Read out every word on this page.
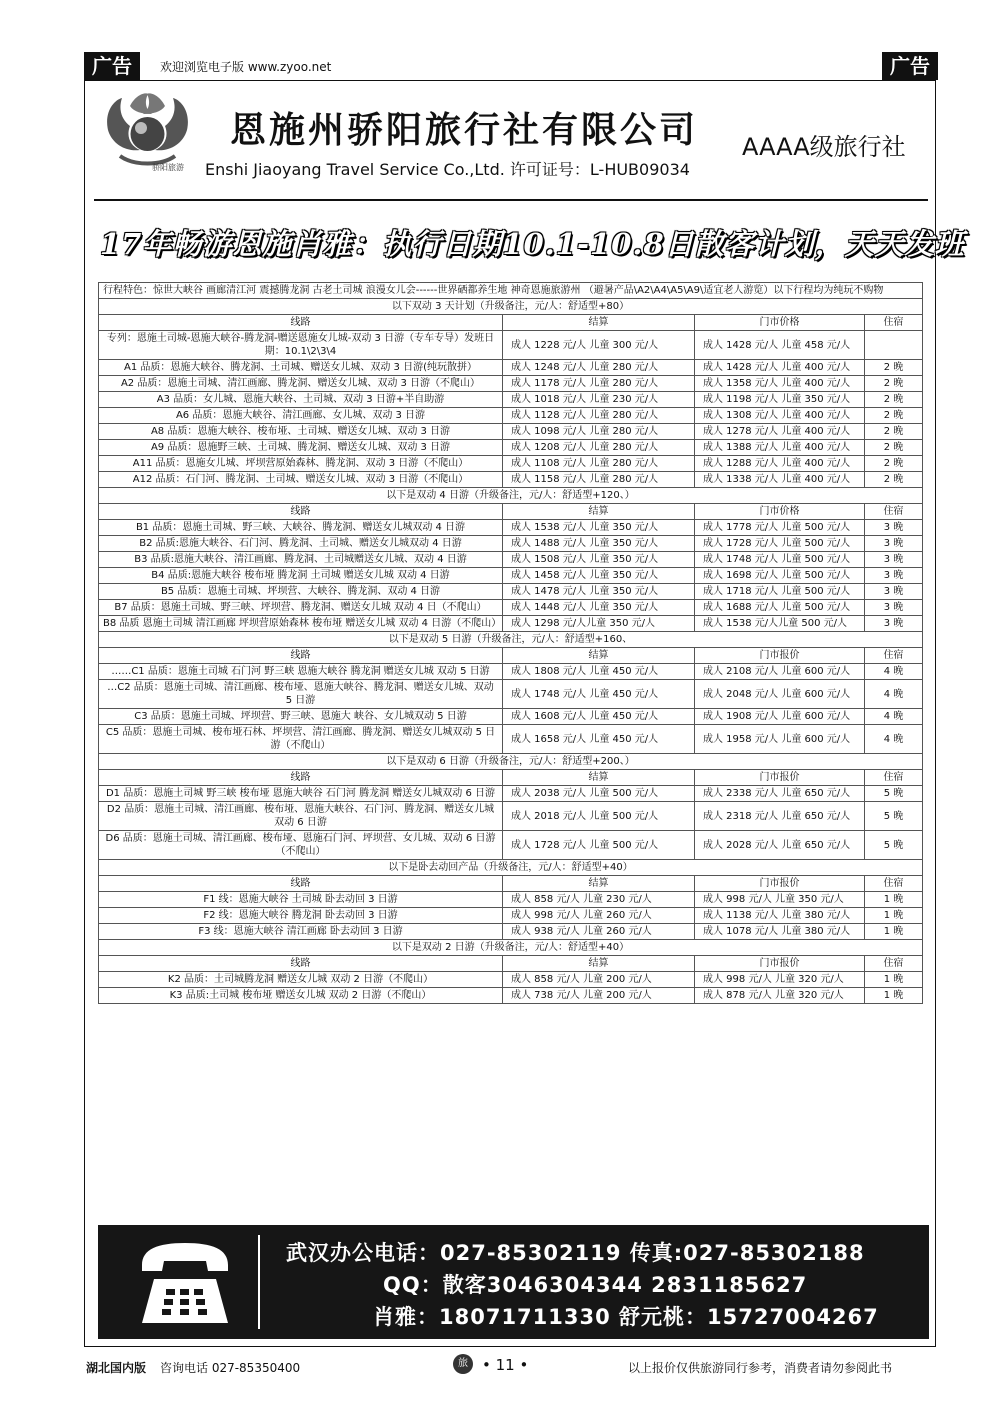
广告	广告
欢迎浏览电子版 www.zyoo.net
骄阳旅游
恩施州骄阳旅行社有限公司
Enshi Jiaoyang Travel Service Co.,Ltd. 许可证号：L-HUB09034
AAAA级旅行社
17年畅游恩施肖雅：执行日期10.1-10.8日散客计划，天天发班
行程特色：惊世大峡谷 画廊清江河 震撼腾龙洞 古老土司城 浪漫女儿会------世界硒都养生地 神奇恩施旅游州 （避暑产品\A2\A4\A5\A9\适宜老人游览）以下行程均为纯玩不购物			
以下双动 3 天计划（升级备注，元/人：舒适型+80）			
线路	结算	门市价格	住宿
专列：恩施土司城-恩施大峡谷-腾龙洞-赠送恩施女儿城-双动 3 日游（专车专导）发班日期：10.1\2\3\4	成人 1228 元/人 儿童 300 元/人	成人 1428 元/人 儿童 458 元/人	
A1 品质：恩施大峡谷、腾龙洞、土司城、赠送女儿城、双动 3 日游(纯玩散拼）	成人 1248 元/人 儿童 280 元/人	成人 1428 元/人 儿童 400 元/人	2 晚
A2 品质：恩施土司城、清江画廊、腾龙洞、赠送女儿城、双动 3 日游（不爬山）	成人 1178 元/人 儿童 280 元/人	成人 1358 元/人 儿童 400 元/人	2 晚
A3 品质：女儿城、恩施大峡谷、土司城、双动 3 日游+半自助游	成人 1018 元/人 儿童 230 元/人	成人 1198 元/人 儿童 350 元/人	2 晚
A6 品质：恩施大峡谷、清江画廊、女儿城、双动 3 日游	成人 1128 元/人 儿童 280 元/人	成人 1308 元/人 儿童 400 元/人	2 晚
A8 品质：恩施大峡谷、梭布垭、土司城、赠送女儿城、双动 3 日游	成人 1098 元/人 儿童 280 元/人	成人 1278 元/人 儿童 400 元/人	2 晚
A9 品质：恩施野三峡、土司城、腾龙洞、赠送女儿城、双动 3 日游	成人 1208 元/人 儿童 280 元/人	成人 1388 元/人 儿童 400 元/人	2 晚
A11 品质：恩施女儿城、坪坝营原始森林、腾龙洞、双动 3 日游（不爬山）	成人 1108 元/人 儿童 280 元/人	成人 1288 元/人 儿童 400 元/人	2 晚
A12 品质：石门河、腾龙洞、土司城、赠送女儿城、双动 3 日游（不爬山）	成人 1158 元/人 儿童 280 元/人	成人 1338 元/人 儿童 400 元/人	2 晚
以下是双动 4 日游（升级备注，元/人：舒适型+120、）			
线路	结算	门市价格	住宿
B1 品质：恩施土司城、野三峡、大峡谷、腾龙洞、赠送女儿城双动 4 日游	成人 1538 元/人 儿童 350 元/人	成人 1778 元/人 儿童 500 元/人	3 晚
B2 品质:恩施大峡谷、石门河、腾龙洞、土司城、赠送女儿城双动 4 日游	成人 1488 元/人 儿童 350 元/人	成人 1728 元/人 儿童 500 元/人	3 晚
B3 品质:恩施大峡谷、清江画廊、腾龙洞、土司城赠送女儿城、双动 4 日游	成人 1508 元/人 儿童 350 元/人	成人 1748 元/人 儿童 500 元/人	3 晚
B4 品质:恩施大峡谷 梭布垭 腾龙洞 土司城 赠送女儿城 双动 4 日游	成人 1458 元/人 儿童 350 元/人	成人 1698 元/人 儿童 500 元/人	3 晚
B5 品质：恩施土司城、坪坝营、大峡谷、腾龙洞、双动 4 日游	成人 1478 元/人 儿童 350 元/人	成人 1718 元/人 儿童 500 元/人	3 晚
B7 品质：恩施土司城、野三峡、坪坝营、腾龙洞、赠送女儿城 双动 4 日（不爬山）	成人 1448 元/人 儿童 350 元/人	成人 1688 元/人 儿童 500 元/人	3 晚
B8 品质 恩施土司城 清江画廊 坪坝营原始森林 梭布垭 赠送女儿城 双动 4 日游（不爬山）	成人 1298 元/人儿童 350 元/人	成人 1538 元/人儿童 500 元/人	3 晚
以下是双动 5 日游（升级备注，元/人：舒适型+160、			
线路	结算	门市报价	住宿
……C1 品质：恩施土司城 石门河 野三峡 恩施大峡谷 腾龙洞 赠送女儿城 双动 5 日游	成人 1808 元/人 儿童 450 元/人	成人 2108 元/人 儿童 600 元/人	4 晚
…C2 品质：恩施土司城、清江画廊、梭布垭、恩施大峡谷、腾龙洞、赠送女儿城、双动 5 日游	成人 1748 元/人 儿童 450 元/人	成人 2048 元/人 儿童 600 元/人	4 晚
C3 品质：恩施土司城、坪坝营、野三峡、恩施大 峡谷、女儿城双动 5 日游	成人 1608 元/人 儿童 450 元/人	成人 1908 元/人 儿童 600 元/人	4 晚
C5 品质：恩施土司城、梭布垭石林、坪坝营、清江画廊、腾龙洞、赠送女儿城双动 5 日游（不爬山）	成人 1658 元/人 儿童 450 元/人	成人 1958 元/人 儿童 600 元/人	4 晚
以下是双动 6 日游（升级备注，元/人：舒适型+200、）			
线路	结算	门市报价	住宿
D1 品质：恩施土司城 野三峡 梭布垭 恩施大峡谷 石门河 腾龙洞 赠送女儿城双动 6 日游	成人 2038 元/人 儿童 500 元/人	成人 2338 元/人 儿童 650 元/人	5 晚
D2 品质：恩施土司城、清江画廊、梭布垭、恩施大峡谷、石门河、腾龙洞、赠送女儿城双动 6 日游	成人 2018 元/人 儿童 500 元/人	成人 2318 元/人 儿童 650 元/人	5 晚
D6 品质：恩施土司城、清江画廊、梭布垭、恩施石门河、坪坝营、女儿城、双动 6 日游（不爬山）	成人 1728 元/人 儿童 500 元/人	成人 2028 元/人 儿童 650 元/人	5 晚
以下是卧去动回产品（升级备注，元/人：舒适型+40）			
线路	结算	门市报价	住宿
F1 线：恩施大峡谷 土司城 卧去动回 3 日游	成人 858 元/人 儿童 230 元/人	成人 998 元/人 儿童 350 元/人	1 晚
F2 线：恩施大峡谷 腾龙洞 卧去动回 3 日游	成人 998 元/人 儿童 260 元/人	成人 1138 元/人 儿童 380 元/人	1 晚
F3 线：恩施大峡谷 清江画廊 卧去动回 3 日游	成人 938 元/人 儿童 260 元/人	成人 1078 元/人 儿童 380 元/人	1 晚
以下是双动 2 日游（升级备注，元/人：舒适型+40）			
线路	结算	门市报价	住宿
K2 品质：土司城腾龙洞 赠送女儿城 双动 2 日游（不爬山）	成人 858 元/人 儿童 200 元/人	成人 998 元/人 儿童 320 元/人	1 晚
K3 品质:土司城 梭布垭 赠送女儿城 双动 2 日游（不爬山）	成人 738 元/人 儿童 200 元/人	成人 878 元/人 儿童 320 元/人	1 晚
武汉办公电话：027-85302119 传真:027-85302188
QQ：散客3046304344 2831185627
肖雅：18071711330 舒元桃：15727004267
湖北国内版 咨询电话 027-85350400	旅 • 11 •	以上报价仅供旅游同行参考，消费者请勿参阅此书
